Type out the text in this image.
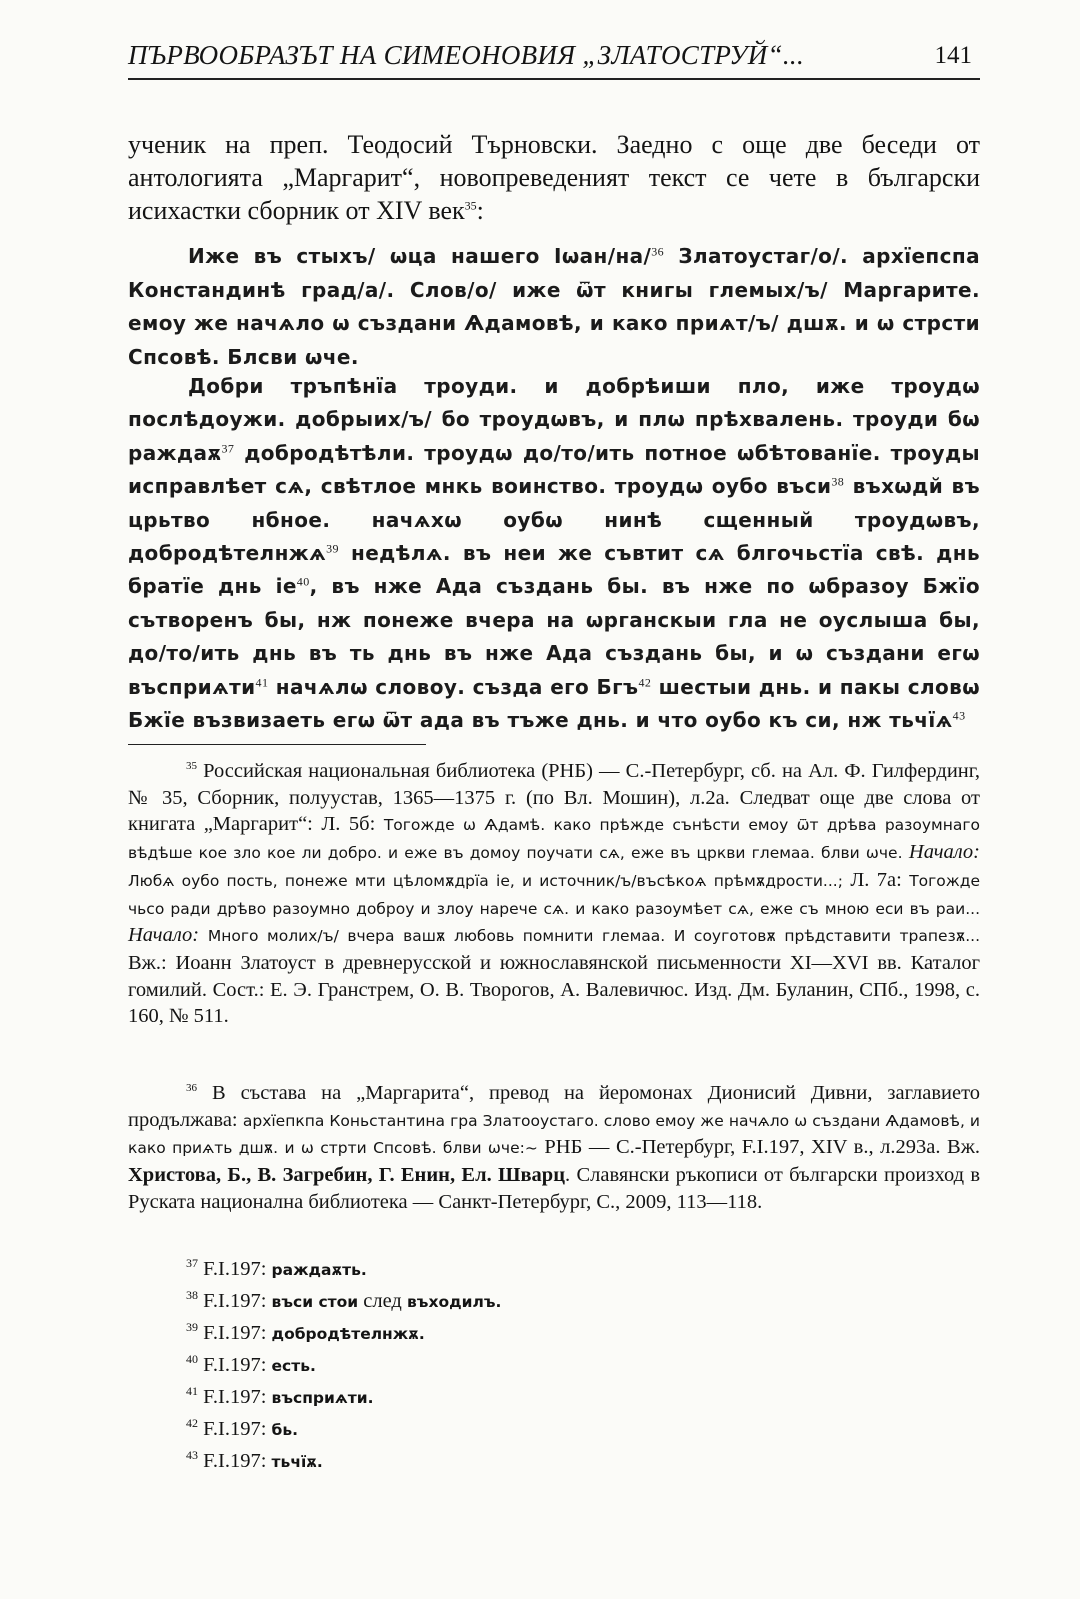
ПЪРВООБРАЗЪТ НА СИМЕОНОВИЯ „ЗЛАТОСТРУЙ“...	141

ученик на преп. Теодосий Търновски. Заедно с още две беседи от антологията „Маргарит“, новопреведеният текст се чете в български исихастки сборник от XIV век$^{35}$:

Иже въ стыхъ/ ѡца нашего Іѡан/на/$^{36}$ Златоустаг/о/. архїепспа Констандинѣ град/а/. Слов/о/ иже ѿт книгы глемых/ъ/ Маргарите. емоу же начѧло ѡ създани Ѧдамовѣ, и како приѧт/ъ/ дшѫ. и ѡ стрсти Спсовѣ. Блсви ѡче.
Добри тръпѣнїа троуди. и добрѣиши пло, иже троудѡ послѣдоужи. добрыих/ъ/ бо троудѡвъ, и плѡ прѣхвалень. троуди бѡ раждаѫ$^{37}$ добродѣтѣли. троудѡ до/то/ить потное ѡбѣтованїе. троуды исправлѣет сѧ, свѣтлое мнкь воинство. троудѡ оубо въси$^{38}$ въхѡдй въ црьтво нбное. начѧхѡ оубѡ нинѣ сщенный троудѡвъ, добродѣтелнжѧ$^{39}$ недѣлѧ. въ неи же съвтит сѧ блгочьстїа свѣ. днь братїе днь $іе^{40}$, въ нже Ада създань бы. въ нже по ѡбразоу Бжїо сътворенъ бы, нж понеже вчера на ѡрганскыи гла не оуслыша бы, до/то/ить днь въ ть днь въ нже Ада създань бы, и ѡ създани егѡ въсприѧти$^{41}$ начѧлѡ словоу. създа его Бгъ$^{42}$ шестыи днь. и пакы словѡ Бжїе възвизаеть егѡ ѿт ада въ тъже днь. и что оубо къ си, нж тьчїѧ$^{43}$

$^{35}$ Российская национальная библиотека (РНБ) — С.-Петербург, сб. на Ал. Ф. Гилфердинг, № 35, Сборник, полуустав, 1365—1375 г. (по Вл. Мошин), л.2а. Следват още две слова от книгата „Маргарит“: Л. 5б: Тогожде ѡ Ѧдамѣ. како прѣжде сънѣсти емоу ѿт дрѣва разоумнаго вѣдѣше кое зло кое ли добро. и еже въ домоу поучати сѧ, еже въ цркви глемаа. блви ѡче. Начало: Любѧ оубо пость, понеже мти цѣломѫдрїа іе, и источник/ъ/въсѣкоѧ прѣмѫдрости...; Л. 7а: Тогожде чьсо ради дрѣво разоумно доброу и злоу нарече сѧ. и како разоумѣет сѧ, еже съ мною еси въ раи... Начало: Много молих/ъ/ вчера вашѫ любовь помнити глемаа. И соуготовѫ прѣдставити трапезѫ... Вж.: Иоанн Златоуст в древнерусской и южнославянской письменности XI—XVI вв. Каталог гомилий. Сост.: Е. Э. Гранстрем, О. В. Творогов, А. Валевичюс. Изд. Дм. Буланин, СПб., 1998, с. 160, № 511.

$^{36}$ В състава на „Маргарита“, превод на йеромонах Дионисий Дивни, заглавието продължава: архїепкпа Коньстантина гра Златооустаго. слово емоу же начѧло ѡ създани Ѧдамовѣ, и како приѧть дшѫ. и ѡ стрти Спсовѣ. блви ѡче:~ РНБ — С.-Петербург, F.I.197, XIV в., л.293а. Вж. Христова, Б., В. Загребин, Г. Енин, Ел. Шварц. Славянски ръкописи от български произход в Руската национална библиотека — Санкт-Петербург, С., 2009, 113—118.

$^{37}$ F.I.197: раждаѫть.
$^{38}$ F.I.197: въси стои след въходилъ.
$^{39}$ F.I.197: добродѣтелнжѫ.
$^{40}$ F.I.197: есть.
$^{41}$ F.I.197: въсприѧти.
$^{42}$ F.I.197: бь.
$^{43}$ F.I.197: тьчїѫ.
